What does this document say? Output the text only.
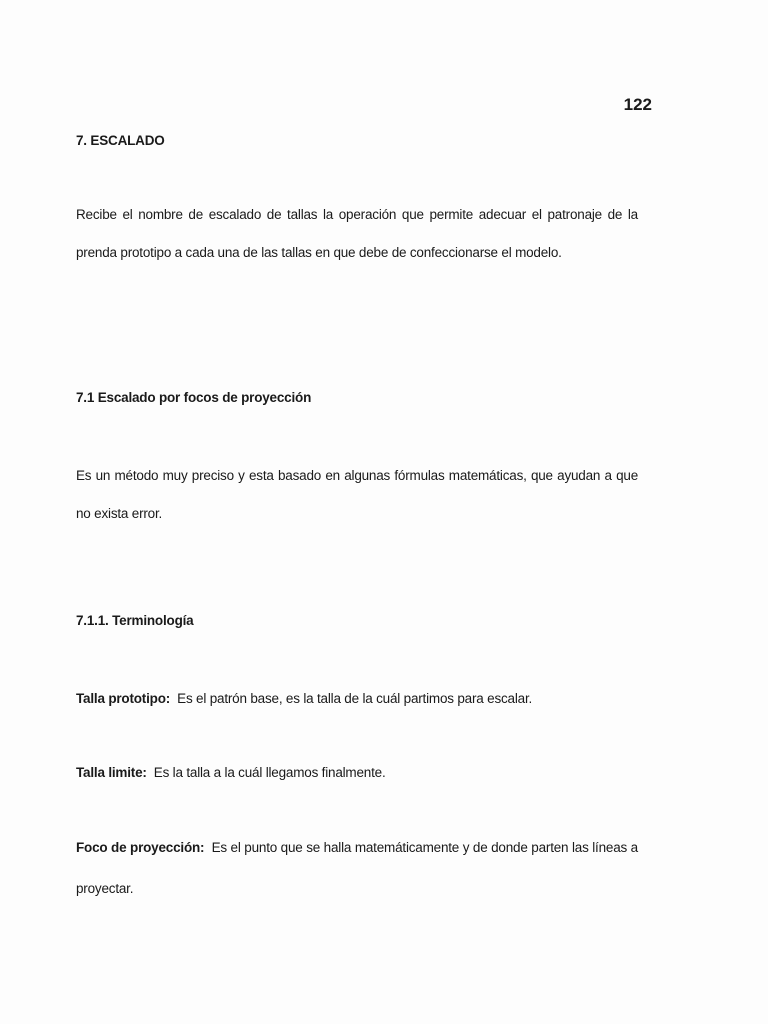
122
7. ESCALADO
Recibe el nombre de escalado de tallas la operación que permite adecuar el patronaje de la prenda prototipo a cada una de las tallas en que debe de confeccionarse el modelo.
7.1 Escalado por focos de proyección
Es un método muy preciso y esta basado en algunas fórmulas matemáticas, que ayudan a que no exista error.
7.1.1. Terminología
Talla prototipo: Es el patrón base, es la talla de la cuál partimos para escalar.
Talla limite: Es la talla a la cuál llegamos finalmente.
Foco de proyección: Es el punto que se halla matemáticamente y de donde parten las líneas a proyectar.
